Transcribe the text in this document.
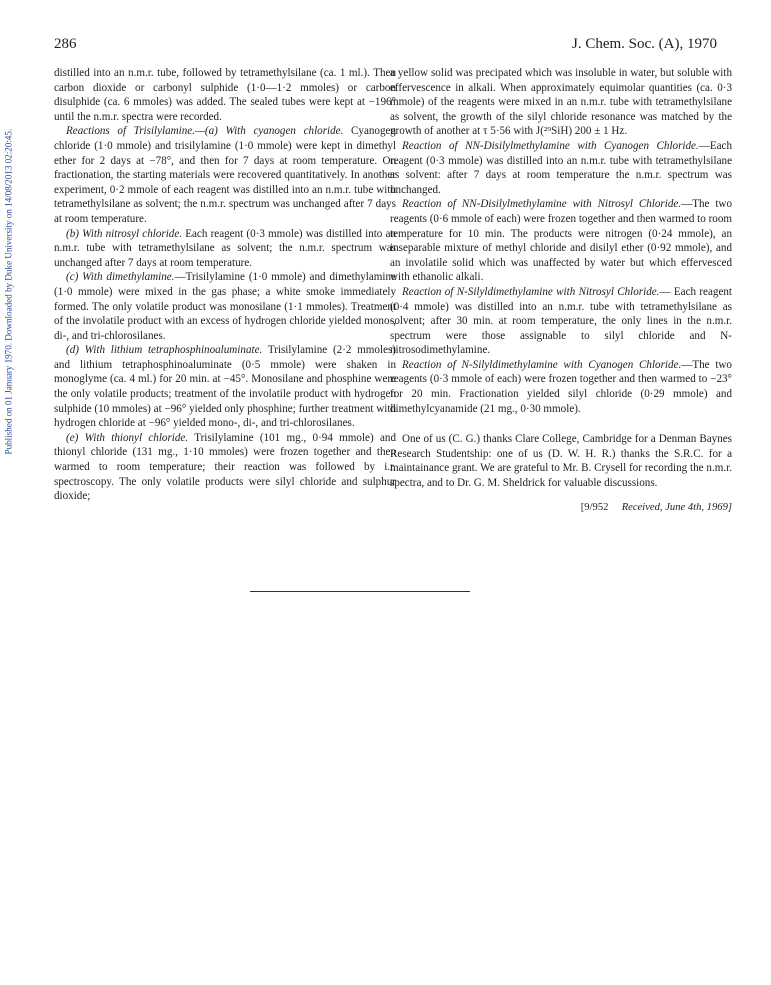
Published on 01 January 1970. Downloaded by Duke University on 14/08/2013 02:20:45.
286	J. Chem. Soc. (A), 1970

distilled into an n.m.r. tube, followed by tetramethylsilane (ca. 1 ml.). Then carbon dioxide or carbonyl sulphide (1·0—1·2 mmoles) or carbon disulphide (ca. 6 mmoles) was added. The sealed tubes were kept at −196° until the n.m.r. spectra were recorded.

Reactions of Trisilylamine.—(a) With cyanogen chloride. Cyanogen chloride (1·0 mmole) and trisilylamine (1·0 mmole) were kept in dimethyl ether for 2 days at −78°, and then for 7 days at room temperature. On fractionation, the starting materials were recovered quantitatively. In another experiment, 0·2 mmole of each reagent was distilled into an n.m.r. tube with tetramethylsilane as solvent; the n.m.r. spectrum was unchanged after 7 days at room temperature.

(b) With nitrosyl chloride. Each reagent (0·3 mmole) was distilled into an n.m.r. tube with tetramethylsilane as solvent; the n.m.r. spectrum was unchanged after 7 days at room temperature.

(c) With dimethylamine.—Trisilylamine (1·0 mmole) and dimethylamine (1·0 mmole) were mixed in the gas phase; a white smoke immediately formed. The only volatile product was monosilane (1·1 mmoles). Treatment of the involatile product with an excess of hydrogen chloride yielded mono-, di-, and tri-chlorosilanes.

(d) With lithium tetraphosphinoaluminate. Trisilylamine (2·2 mmoles) and lithium tetraphosphinoaluminate (0·5 mmole) were shaken in monoglyme (ca. 4 ml.) for 20 min. at −45°. Monosilane and phosphine were the only volatile products; treatment of the involatile product with hydrogen sulphide (10 mmoles) at −96° yielded only phosphine; further treatment with hydrogen chloride at −96° yielded mono-, di-, and tri-chlorosilanes.

(e) With thionyl chloride. Trisilylamine (101 mg., 0·94 mmole) and thionyl chloride (131 mg., 1·10 mmoles) were frozen together and then warmed to room temperature; their reaction was followed by i.r. spectroscopy. The only volatile products were silyl chloride and sulphur dioxide;

a yellow solid was precipated which was insoluble in water, but soluble with effervescence in alkali. When approximately equimolar quantities (ca. 0·3 mmole) of the reagents were mixed in an n.m.r. tube with tetramethylsilane as solvent, the growth of the silyl chloride resonance was matched by the growth of another at τ 5·56 with J(²⁹SiH) 200 ± 1 Hz.

Reaction of NN-Disilylmethylamine with Cyanogen Chloride.—Each reagent (0·3 mmole) was distilled into an n.m.r. tube with tetramethylsilane as solvent: after 7 days at room temperature the n.m.r. spectrum was unchanged.

Reaction of NN-Disilylmethylamine with Nitrosyl Chloride.—The two reagents (0·6 mmole of each) were frozen together and then warmed to room temperature for 10 min. The products were nitrogen (0·24 mmole), an inseparable mixture of methyl chloride and disilyl ether (0·92 mmole), and an involatile solid which was unaffected by water but which effervesced with ethanolic alkali.

Reaction of N-Silyldimethylamine with Nitrosyl Chloride.— Each reagent (0·4 mmole) was distilled into an n.m.r. tube with tetramethylsilane as solvent; after 30 min. at room temperature, the only lines in the n.m.r. spectrum were those assignable to silyl chloride and N-nitrosodimethylamine.

Reaction of N-Silyldimethylamine with Cyanogen Chloride.—The two reagents (0·3 mmole of each) were frozen together and then warmed to −23° for 20 min. Fractionation yielded silyl chloride (0·29 mmole) and dimethylcyanamide (21 mg., 0·30 mmole).

One of us (C. G.) thanks Clare College, Cambridge for a Denman Baynes Research Studentship: one of us (D. W. H. R.) thanks the S.R.C. for a maintainance grant. We are grateful to Mr. B. Crysell for recording the n.m.r. spectra, and to Dr. G. M. Sheldrick for valuable discussions.

[9/952 Received, June 4th, 1969]
